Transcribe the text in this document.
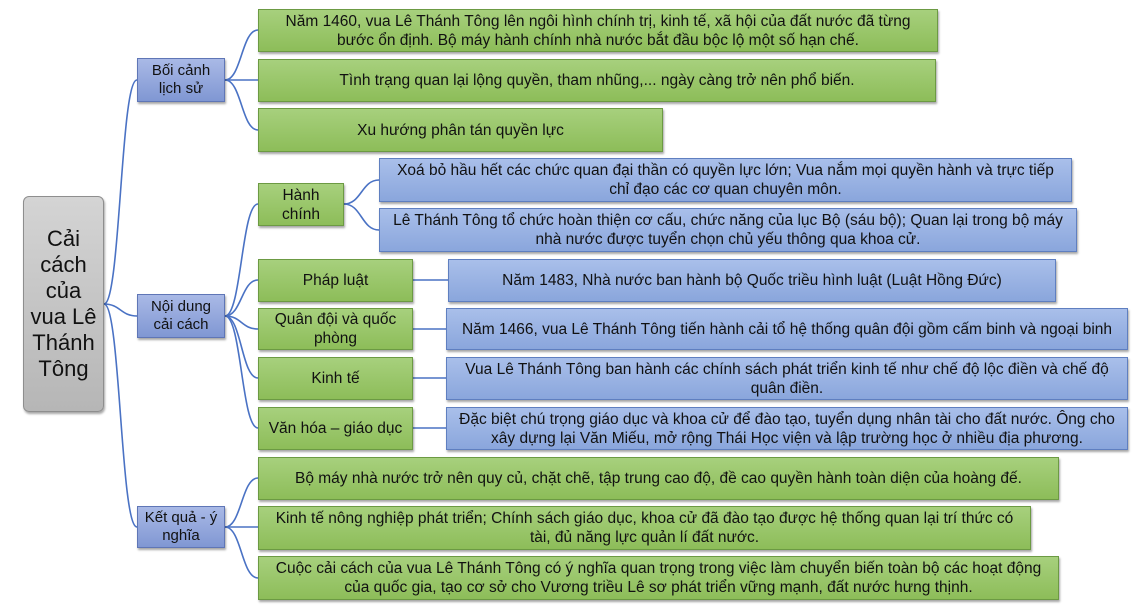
Cải cách của vua Lê Thánh Tông
Bối cảnh lịch sử
Nội dung cải cách
Kết quả - ý nghĩa
Năm 1460, vua Lê Thánh Tông lên ngôi hình chính trị, kinh tế, xã hội của đất nước đã từng bước ổn định. Bộ máy hành chính nhà nước bắt đầu bộc lộ một số hạn chế.
Tình trạng quan lại lộng quyền, tham nhũng,... ngày càng trở nên phổ biến.
Xu hướng phân tán quyền lực
Hành chính
Pháp luật
Quân đội và quốc phòng
Kinh tế
Văn hóa – giáo dục
Xoá bỏ hầu hết các chức quan đại thần có quyền lực lớn; Vua nắm mọi quyền hành và trực tiếp chỉ đạo các cơ quan chuyên môn.
Lê Thánh Tông tổ chức hoàn thiện cơ cấu, chức năng của lục Bộ (sáu bộ); Quan lại trong bộ máy nhà nước được tuyển chọn chủ yếu thông qua khoa cử.
Năm 1483, Nhà nước ban hành bộ Quốc triều hình luật (Luật Hồng Đức)
Năm 1466, vua Lê Thánh Tông tiến hành cải tổ hệ thống quân đội gồm cấm binh và ngoại binh
Vua Lê Thánh Tông ban hành các chính sách phát triển kinh tế như chế độ lộc điền và chế độ quân điền.
Đặc biệt chú trọng giáo dục và khoa cử để đào tạo, tuyển dụng nhân tài cho đất nước. Ông cho xây dựng lại Văn Miếu, mở rộng Thái Học viện và lập trường học ở nhiều địa phương.
Bộ máy nhà nước trở nên quy củ, chặt chẽ, tập trung cao độ, đề cao quyền hành toàn diện của hoàng đế.
Kinh tế nông nghiệp phát triển; Chính sách giáo dục, khoa cử đã đào tạo được hệ thống quan lại trí thức có tài, đủ năng lực quản lí đất nước.
Cuộc cải cách của vua Lê Thánh Tông có ý nghĩa quan trọng trong việc làm chuyển biến toàn bộ các hoạt động của quốc gia, tạo cơ sở cho Vương triều Lê sơ phát triển vững mạnh, đất nước hưng thịnh.
